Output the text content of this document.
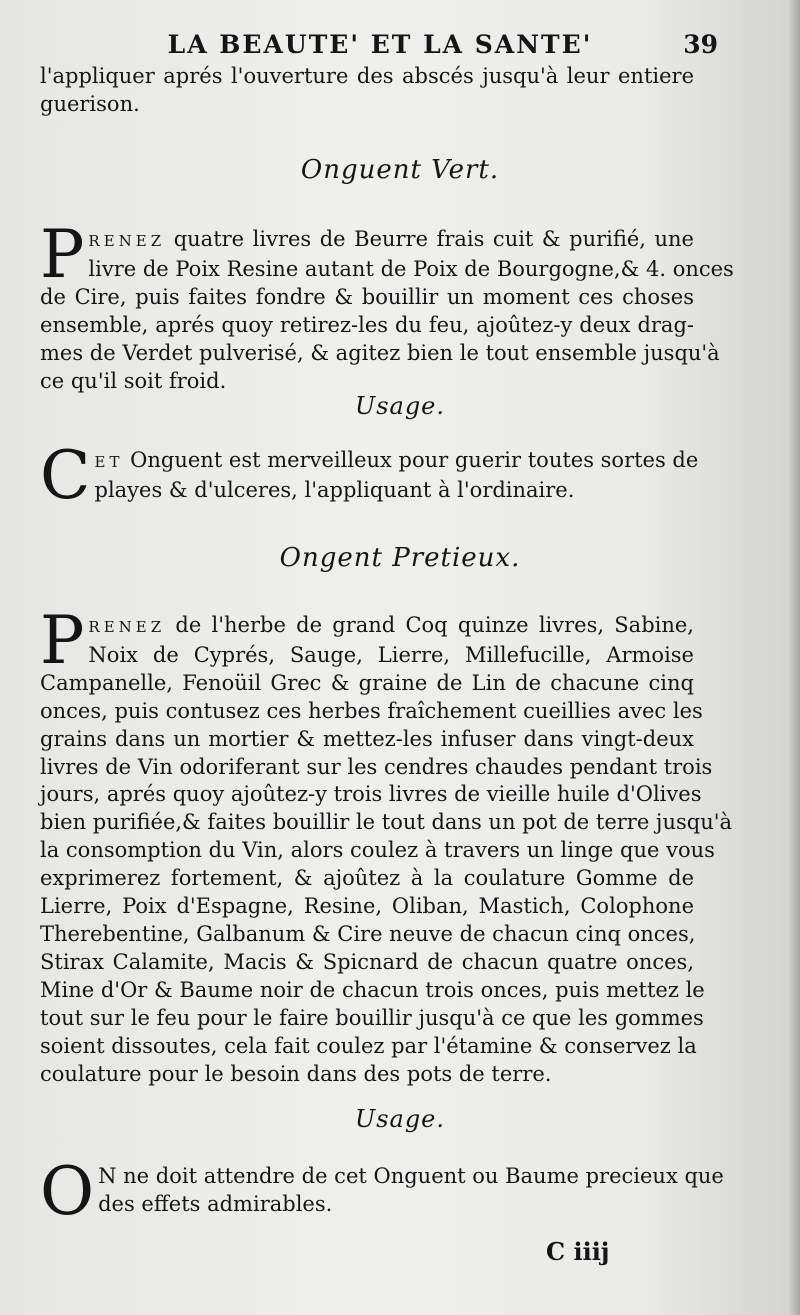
LA BEAUTE' ET LA SANTE'	39
l'appliquer aprés l'ouverture des abscés jusqu'à leur entiere
guerison.
Onguent Vert.
P RENEZ quatre livres de Beurre frais cuit & purifié, une
livre de Poix Resine autant de Poix de Bourgogne,& 4. onces
de Cire, puis faites fondre & bouillir un moment ces choses
ensemble, aprés quoy retirez-les du feu, ajoûtez-y deux drag-
mes de Verdet pulverisé, & agitez bien le tout ensemble jusqu'à
ce qu'il soit froid.
Usage.
C ET Onguent est merveilleux pour guerir toutes sortes de
playes & d'ulceres, l'appliquant à l'ordinaire.
Ongent Pretieux.
P RENEZ de l'herbe de grand Coq quinze livres, Sabine,
Noix de Cyprés, Sauge, Lierre, Millefucille, Armoise
Campanelle, Fenoüil Grec & graine de Lin de chacune cinq
onces, puis contusez ces herbes fraîchement cueillies avec les
grains dans un mortier & mettez-les infuser dans vingt-deux
livres de Vin odoriferant sur les cendres chaudes pendant trois
jours, aprés quoy ajoûtez-y trois livres de vieille huile d'Olives
bien purifiée,& faites bouillir le tout dans un pot de terre jusqu'à
la consomption du Vin, alors coulez à travers un linge que vous
exprimerez fortement, & ajoûtez à la coulature Gomme de
Lierre, Poix d'Espagne, Resine, Oliban, Mastich, Colophone
Therebentine, Galbanum & Cire neuve de chacun cinq onces,
Stirax Calamite, Macis & Spicnard de chacun quatre onces,
Mine d'Or & Baume noir de chacun trois onces, puis mettez le
tout sur le feu pour le faire bouillir jusqu'à ce que les gommes
soient dissoutes, cela fait coulez par l'étamine & conservez la
coulature pour le besoin dans des pots de terre.
Usage.
O N ne doit attendre de cet Onguent ou Baume precieux que
des effets admirables.
C iiij
